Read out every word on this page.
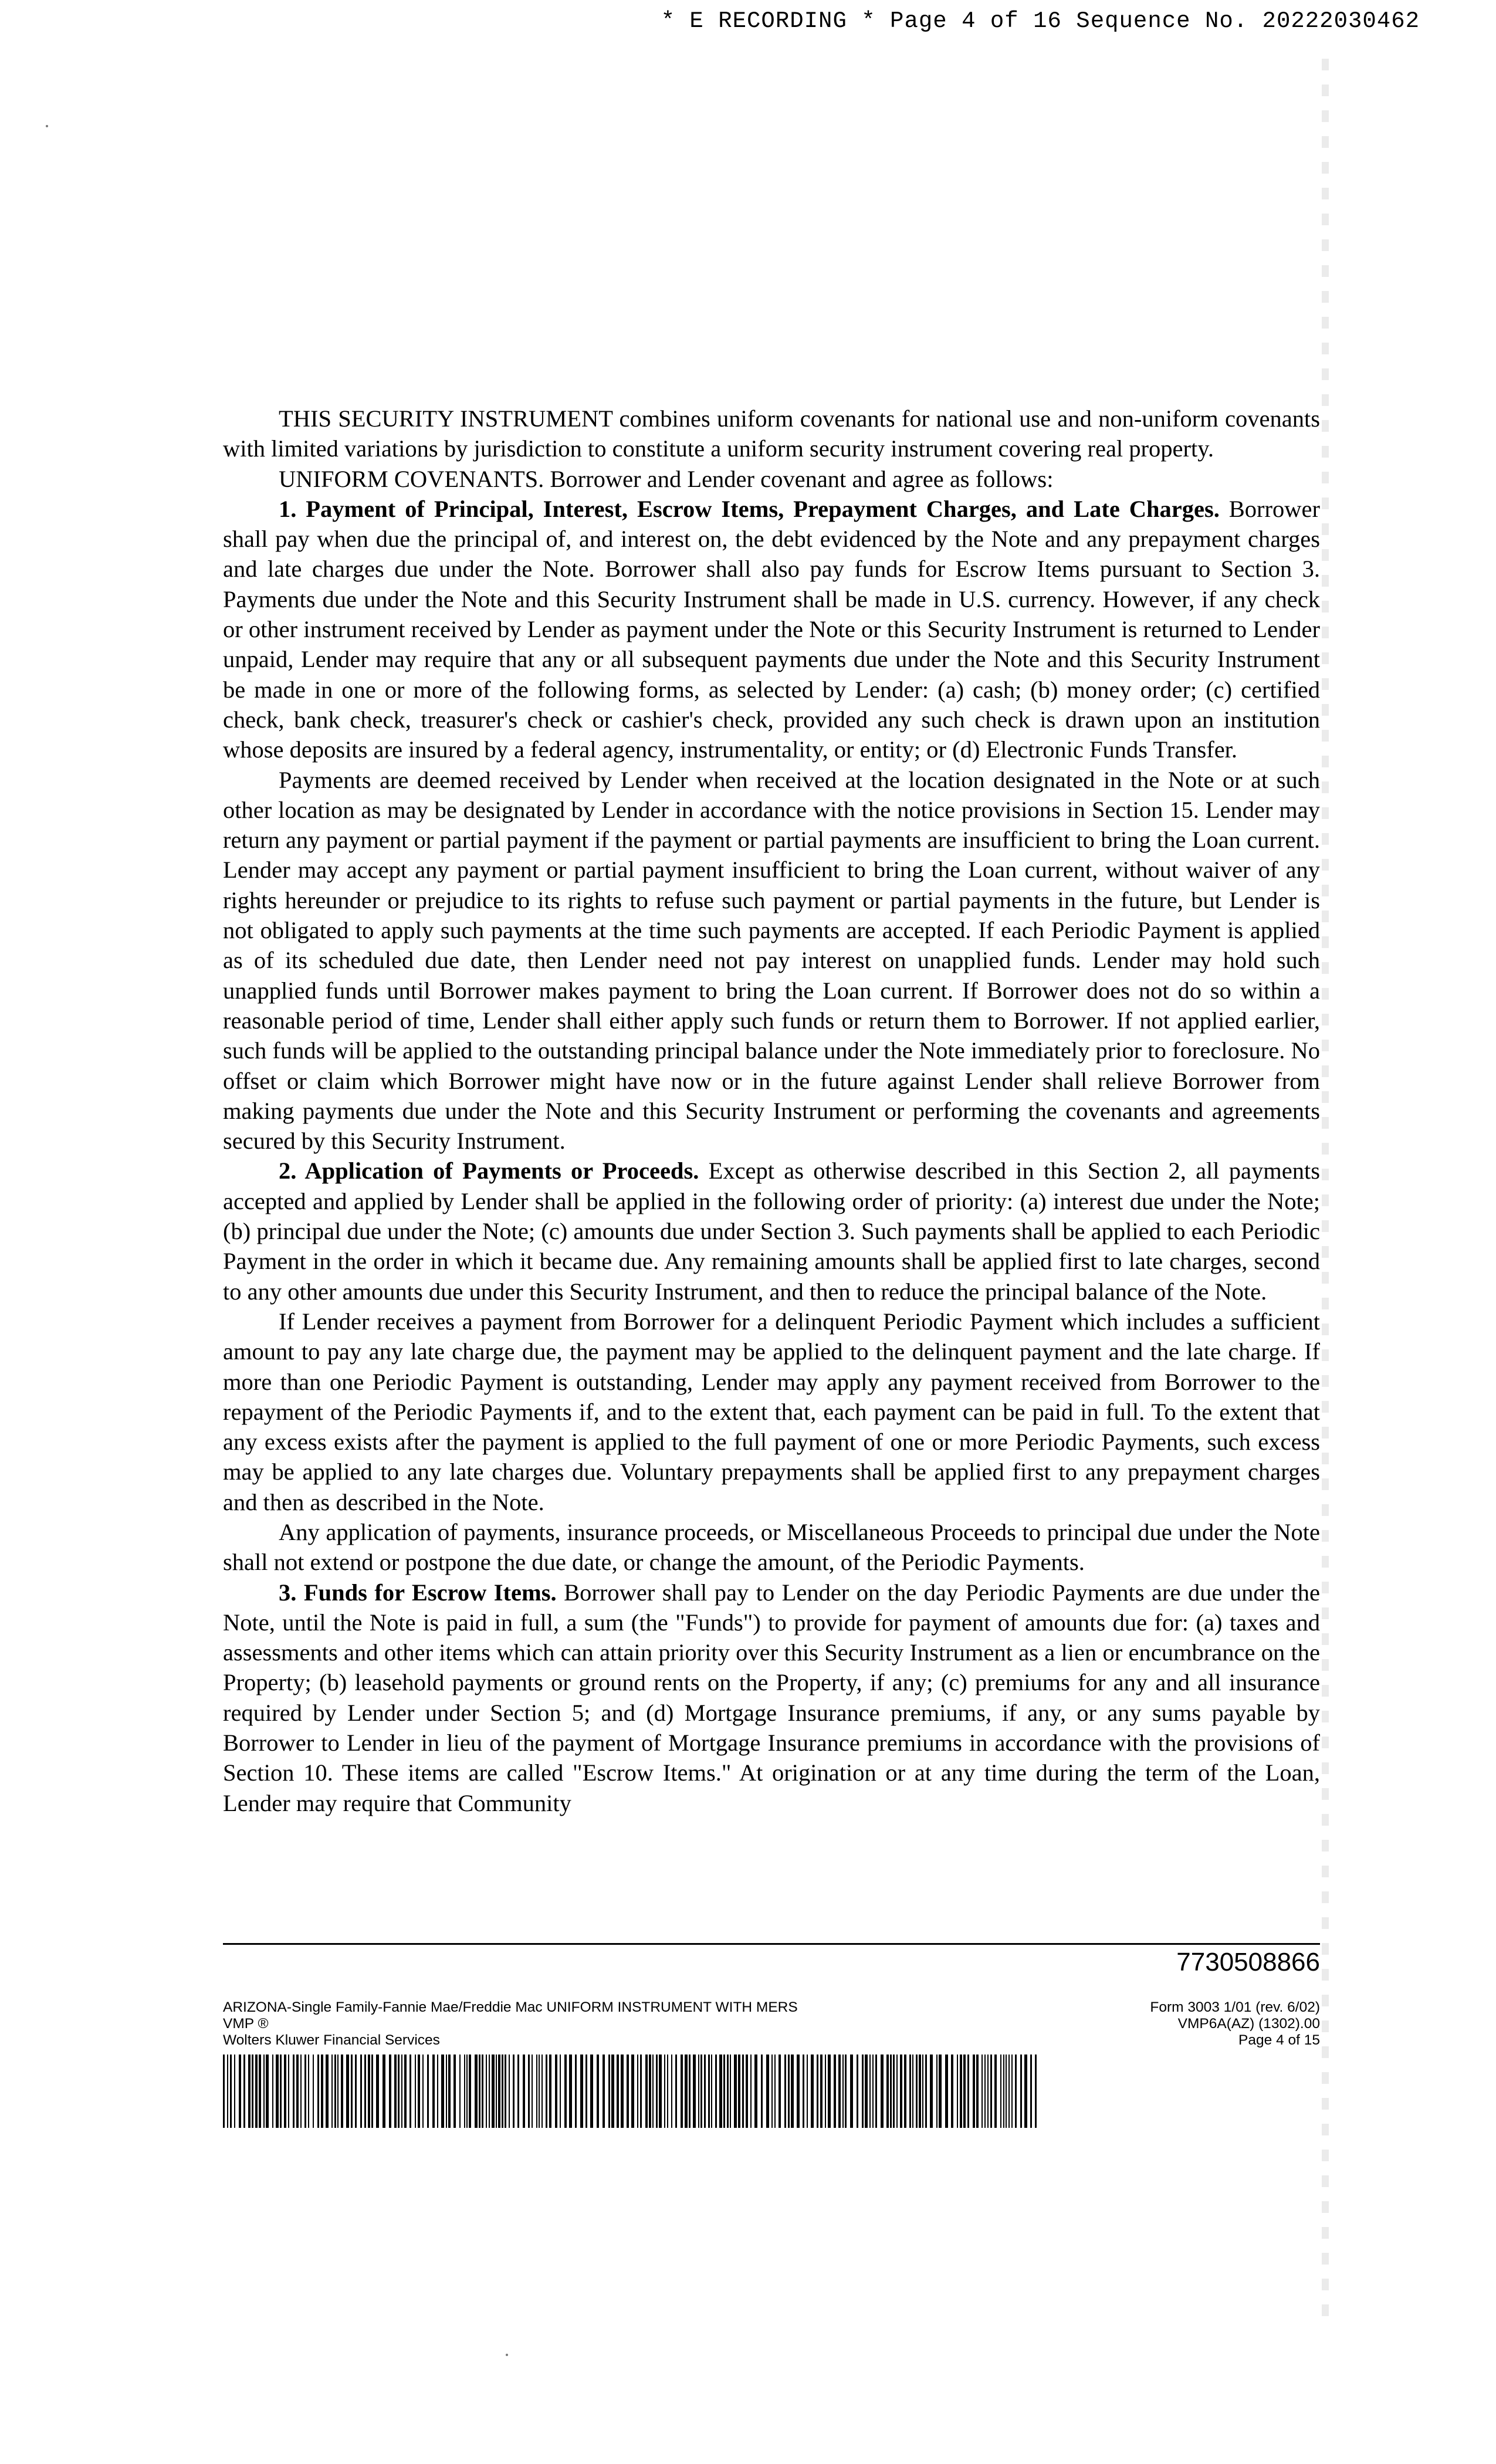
* E RECORDING * Page 4 of 16 Sequence No. 20222030462

THIS SECURITY INSTRUMENT combines uniform covenants for national use and non-uniform covenants with limited variations by jurisdiction to constitute a uniform security instrument covering real property.

UNIFORM COVENANTS. Borrower and Lender covenant and agree as follows:

1. Payment of Principal, Interest, Escrow Items, Prepayment Charges, and Late Charges. Borrower shall pay when due the principal of, and interest on, the debt evidenced by the Note and any prepayment charges and late charges due under the Note. Borrower shall also pay funds for Escrow Items pursuant to Section 3. Payments due under the Note and this Security Instrument shall be made in U.S. currency. However, if any check or other instrument received by Lender as payment under the Note or this Security Instrument is returned to Lender unpaid, Lender may require that any or all subsequent payments due under the Note and this Security Instrument be made in one or more of the following forms, as selected by Lender: (a) cash; (b) money order; (c) certified check, bank check, treasurer's check or cashier's check, provided any such check is drawn upon an institution whose deposits are insured by a federal agency, instrumentality, or entity; or (d) Electronic Funds Transfer.

Payments are deemed received by Lender when received at the location designated in the Note or at such other location as may be designated by Lender in accordance with the notice provisions in Section 15. Lender may return any payment or partial payment if the payment or partial payments are insufficient to bring the Loan current. Lender may accept any payment or partial payment insufficient to bring the Loan current, without waiver of any rights hereunder or prejudice to its rights to refuse such payment or partial payments in the future, but Lender is not obligated to apply such payments at the time such payments are accepted. If each Periodic Payment is applied as of its scheduled due date, then Lender need not pay interest on unapplied funds. Lender may hold such unapplied funds until Borrower makes payment to bring the Loan current. If Borrower does not do so within a reasonable period of time, Lender shall either apply such funds or return them to Borrower. If not applied earlier, such funds will be applied to the outstanding principal balance under the Note immediately prior to foreclosure. No offset or claim which Borrower might have now or in the future against Lender shall relieve Borrower from making payments due under the Note and this Security Instrument or performing the covenants and agreements secured by this Security Instrument.

2. Application of Payments or Proceeds. Except as otherwise described in this Section 2, all payments accepted and applied by Lender shall be applied in the following order of priority: (a) interest due under the Note; (b) principal due under the Note; (c) amounts due under Section 3. Such payments shall be applied to each Periodic Payment in the order in which it became due. Any remaining amounts shall be applied first to late charges, second to any other amounts due under this Security Instrument, and then to reduce the principal balance of the Note.

If Lender receives a payment from Borrower for a delinquent Periodic Payment which includes a sufficient amount to pay any late charge due, the payment may be applied to the delinquent payment and the late charge. If more than one Periodic Payment is outstanding, Lender may apply any payment received from Borrower to the repayment of the Periodic Payments if, and to the extent that, each payment can be paid in full. To the extent that any excess exists after the payment is applied to the full payment of one or more Periodic Payments, such excess may be applied to any late charges due. Voluntary prepayments shall be applied first to any prepayment charges and then as described in the Note.

Any application of payments, insurance proceeds, or Miscellaneous Proceeds to principal due under the Note shall not extend or postpone the due date, or change the amount, of the Periodic Payments.

3. Funds for Escrow Items. Borrower shall pay to Lender on the day Periodic Payments are due under the Note, until the Note is paid in full, a sum (the "Funds") to provide for payment of amounts due for: (a) taxes and assessments and other items which can attain priority over this Security Instrument as a lien or encumbrance on the Property; (b) leasehold payments or ground rents on the Property, if any; (c) premiums for any and all insurance required by Lender under Section 5; and (d) Mortgage Insurance premiums, if any, or any sums payable by Borrower to Lender in lieu of the payment of Mortgage Insurance premiums in accordance with the provisions of Section 10. These items are called "Escrow Items." At origination or at any time during the term of the Loan, Lender may require that Community

7730508866
ARIZONA-Single Family-Fannie Mae/Freddie Mac UNIFORM INSTRUMENT WITH MERS
VMP ®
Wolters Kluwer Financial Services
Form 3003 1/01 (rev. 6/02)
VMP6A(AZ) (1302).00
Page 4 of 15
